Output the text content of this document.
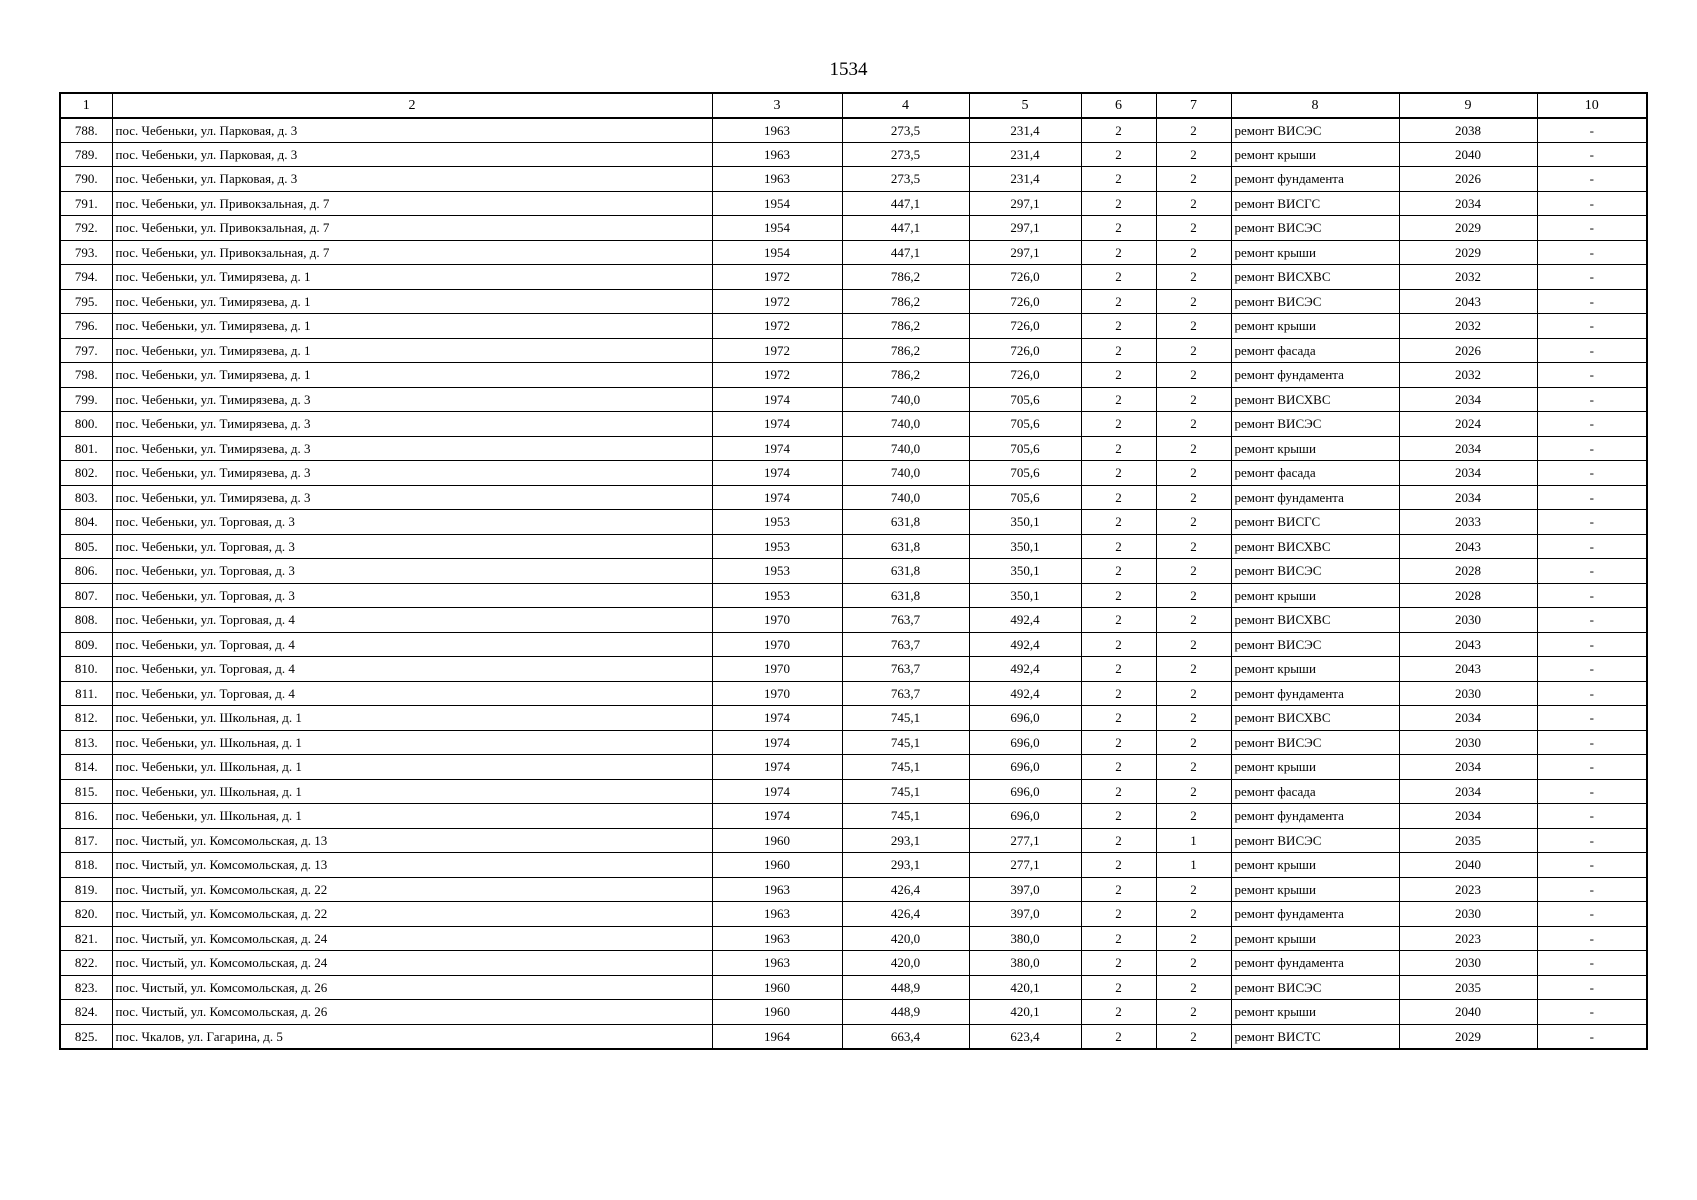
1534
1	2	3	4	5	6	7	8	9	10
788.	пос. Чебеньки, ул. Парковая, д. 3	1963	273,5	231,4	2	2	ремонт ВИСЭС	2038	-
789.	пос. Чебеньки, ул. Парковая, д. 3	1963	273,5	231,4	2	2	ремонт крыши	2040	-
790.	пос. Чебеньки, ул. Парковая, д. 3	1963	273,5	231,4	2	2	ремонт фундамента	2026	-
791.	пос. Чебеньки, ул. Привокзальная, д. 7	1954	447,1	297,1	2	2	ремонт ВИСГС	2034	-
792.	пос. Чебеньки, ул. Привокзальная, д. 7	1954	447,1	297,1	2	2	ремонт ВИСЭС	2029	-
793.	пос. Чебеньки, ул. Привокзальная, д. 7	1954	447,1	297,1	2	2	ремонт крыши	2029	-
794.	пос. Чебеньки, ул. Тимирязева, д. 1	1972	786,2	726,0	2	2	ремонт ВИСХВС	2032	-
795.	пос. Чебеньки, ул. Тимирязева, д. 1	1972	786,2	726,0	2	2	ремонт ВИСЭС	2043	-
796.	пос. Чебеньки, ул. Тимирязева, д. 1	1972	786,2	726,0	2	2	ремонт крыши	2032	-
797.	пос. Чебеньки, ул. Тимирязева, д. 1	1972	786,2	726,0	2	2	ремонт фасада	2026	-
798.	пос. Чебеньки, ул. Тимирязева, д. 1	1972	786,2	726,0	2	2	ремонт фундамента	2032	-
799.	пос. Чебеньки, ул. Тимирязева, д. 3	1974	740,0	705,6	2	2	ремонт ВИСХВС	2034	-
800.	пос. Чебеньки, ул. Тимирязева, д. 3	1974	740,0	705,6	2	2	ремонт ВИСЭС	2024	-
801.	пос. Чебеньки, ул. Тимирязева, д. 3	1974	740,0	705,6	2	2	ремонт крыши	2034	-
802.	пос. Чебеньки, ул. Тимирязева, д. 3	1974	740,0	705,6	2	2	ремонт фасада	2034	-
803.	пос. Чебеньки, ул. Тимирязева, д. 3	1974	740,0	705,6	2	2	ремонт фундамента	2034	-
804.	пос. Чебеньки, ул. Торговая, д. 3	1953	631,8	350,1	2	2	ремонт ВИСГС	2033	-
805.	пос. Чебеньки, ул. Торговая, д. 3	1953	631,8	350,1	2	2	ремонт ВИСХВС	2043	-
806.	пос. Чебеньки, ул. Торговая, д. 3	1953	631,8	350,1	2	2	ремонт ВИСЭС	2028	-
807.	пос. Чебеньки, ул. Торговая, д. 3	1953	631,8	350,1	2	2	ремонт крыши	2028	-
808.	пос. Чебеньки, ул. Торговая, д. 4	1970	763,7	492,4	2	2	ремонт ВИСХВС	2030	-
809.	пос. Чебеньки, ул. Торговая, д. 4	1970	763,7	492,4	2	2	ремонт ВИСЭС	2043	-
810.	пос. Чебеньки, ул. Торговая, д. 4	1970	763,7	492,4	2	2	ремонт крыши	2043	-
811.	пос. Чебеньки, ул. Торговая, д. 4	1970	763,7	492,4	2	2	ремонт фундамента	2030	-
812.	пос. Чебеньки, ул. Школьная, д. 1	1974	745,1	696,0	2	2	ремонт ВИСХВС	2034	-
813.	пос. Чебеньки, ул. Школьная, д. 1	1974	745,1	696,0	2	2	ремонт ВИСЭС	2030	-
814.	пос. Чебеньки, ул. Школьная, д. 1	1974	745,1	696,0	2	2	ремонт крыши	2034	-
815.	пос. Чебеньки, ул. Школьная, д. 1	1974	745,1	696,0	2	2	ремонт фасада	2034	-
816.	пос. Чебеньки, ул. Школьная, д. 1	1974	745,1	696,0	2	2	ремонт фундамента	2034	-
817.	пос. Чистый, ул. Комсомольская, д. 13	1960	293,1	277,1	2	1	ремонт ВИСЭС	2035	-
818.	пос. Чистый, ул. Комсомольская, д. 13	1960	293,1	277,1	2	1	ремонт крыши	2040	-
819.	пос. Чистый, ул. Комсомольская, д. 22	1963	426,4	397,0	2	2	ремонт крыши	2023	-
820.	пос. Чистый, ул. Комсомольская, д. 22	1963	426,4	397,0	2	2	ремонт фундамента	2030	-
821.	пос. Чистый, ул. Комсомольская, д. 24	1963	420,0	380,0	2	2	ремонт крыши	2023	-
822.	пос. Чистый, ул. Комсомольская, д. 24	1963	420,0	380,0	2	2	ремонт фундамента	2030	-
823.	пос. Чистый, ул. Комсомольская, д. 26	1960	448,9	420,1	2	2	ремонт ВИСЭС	2035	-
824.	пос. Чистый, ул. Комсомольская, д. 26	1960	448,9	420,1	2	2	ремонт крыши	2040	-
825.	пос. Чкалов, ул. Гагарина, д. 5	1964	663,4	623,4	2	2	ремонт ВИСТС	2029	-
